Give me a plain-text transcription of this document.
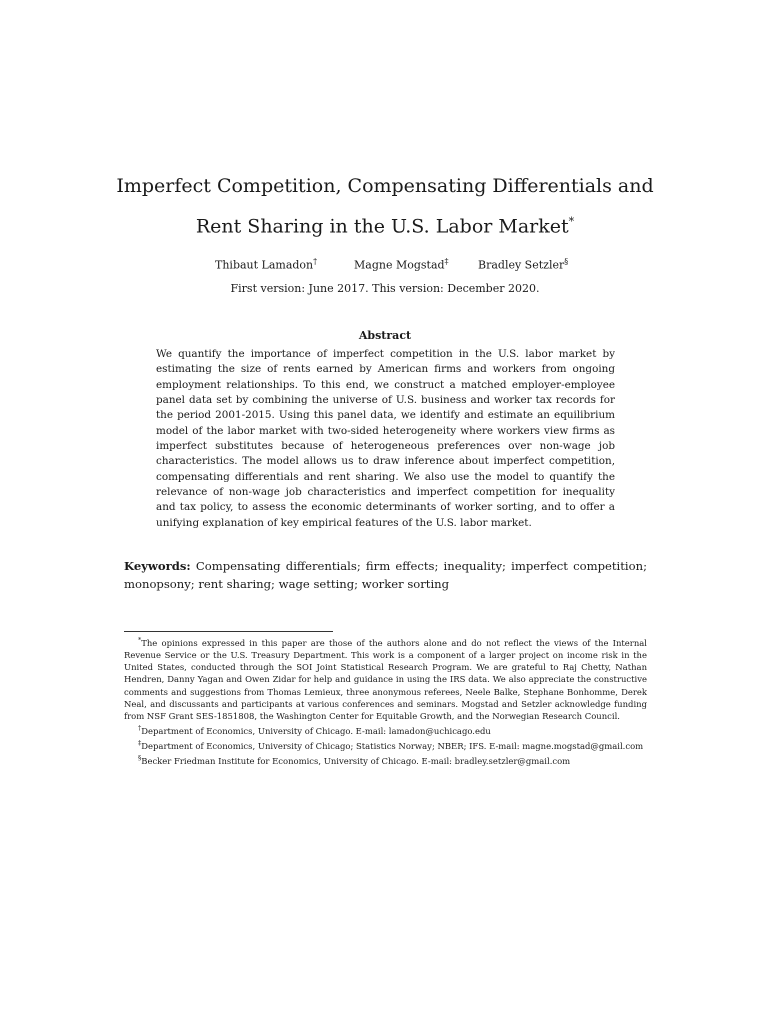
Imperfect Competition, Compensating Differentials and
Rent Sharing in the U.S. Labor Market*
Thibaut Lamadon†	Magne Mogstad‡	Bradley Setzler§
First version: June 2017. This version: December 2020.
Abstract
We quantify the importance of imperfect competition in the U.S. labor market by estimating the size of rents earned by American firms and workers from ongoing employment relationships. To this end, we construct a matched employer-employee panel data set by combining the universe of U.S. business and worker tax records for the period 2001-2015. Using this panel data, we identify and estimate an equilibrium model of the labor market with two-sided heterogeneity where workers view firms as imperfect substitutes because of heterogeneous preferences over non-wage job characteristics. The model allows us to draw inference about imperfect competition, compensating differentials and rent sharing. We also use the model to quantify the relevance of non-wage job characteristics and imperfect competition for inequality and tax policy, to assess the economic determinants of worker sorting, and to offer a unifying explanation of key empirical features of the U.S. labor market.
Keywords: Compensating differentials; firm effects; inequality; imperfect competition; monopsony; rent sharing; wage setting; worker sorting

*The opinions expressed in this paper are those of the authors alone and do not reflect the views of the Internal Revenue Service or the U.S. Treasury Department. This work is a component of a larger project on income risk in the United States, conducted through the SOI Joint Statistical Research Program. We are grateful to Raj Chetty, Nathan Hendren, Danny Yagan and Owen Zidar for help and guidance in using the IRS data. We also appreciate the constructive comments and suggestions from Thomas Lemieux, three anonymous referees, Neele Balke, Stephane Bonhomme, Derek Neal, and discussants and participants at various conferences and seminars. Mogstad and Setzler acknowledge funding from NSF Grant SES-1851808, the Washington Center for Equitable Growth, and the Norwegian Research Council.

†Department of Economics, University of Chicago. E-mail: lamadon@uchicago.edu

‡Department of Economics, University of Chicago; Statistics Norway; NBER; IFS. E-mail: magne.mogstad@gmail.com

§Becker Friedman Institute for Economics, University of Chicago. E-mail: bradley.setzler@gmail.com
